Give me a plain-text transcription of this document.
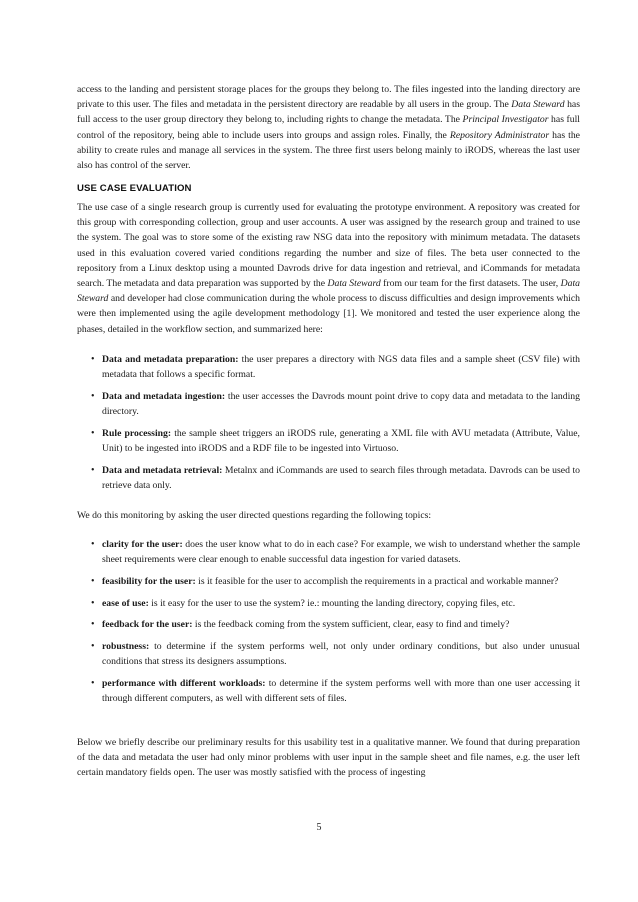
access to the landing and persistent storage places for the groups they belong to. The files ingested into the landing directory are private to this user. The files and metadata in the persistent directory are readable by all users in the group. The Data Steward has full access to the user group directory they belong to, including rights to change the metadata. The Principal Investigator has full control of the repository, being able to include users into groups and assign roles. Finally, the Repository Administrator has the ability to create rules and manage all services in the system. The three first users belong mainly to iRODS, whereas the last user also has control of the server.

USE CASE EVALUATION

The use case of a single research group is currently used for evaluating the prototype environment. A repository was created for this group with corresponding collection, group and user accounts. A user was assigned by the research group and trained to use the system. The goal was to store some of the existing raw NSG data into the repository with minimum metadata. The datasets used in this evaluation covered varied conditions regarding the number and size of files. The beta user connected to the repository from a Linux desktop using a mounted Davrods drive for data ingestion and retrieval, and iCommands for metadata search. The metadata and data preparation was supported by the Data Steward from our team for the first datasets. The user, Data Steward and developer had close communication during the whole process to discuss difficulties and design improvements which were then implemented using the agile development methodology [1]. We monitored and tested the user experience along the phases, detailed in the workflow section, and summarized here:

• Data and metadata preparation: the user prepares a directory with NGS data files and a sample sheet (CSV file) with metadata that follows a specific format.
• Data and metadata ingestion: the user accesses the Davrods mount point drive to copy data and metadata to the landing directory.
• Rule processing: the sample sheet triggers an iRODS rule, generating a XML file with AVU metadata (Attribute, Value, Unit) to be ingested into iRODS and a RDF file to be ingested into Virtuoso.
• Data and metadata retrieval: Metalnx and iCommands are used to search files through metadata. Davrods can be used to retrieve data only.

We do this monitoring by asking the user directed questions regarding the following topics:

• clarity for the user: does the user know what to do in each case? For example, we wish to understand whether the sample sheet requirements were clear enough to enable successful data ingestion for varied datasets.
• feasibility for the user: is it feasible for the user to accomplish the requirements in a practical and workable manner?
• ease of use: is it easy for the user to use the system? ie.: mounting the landing directory, copying files, etc.
• feedback for the user: is the feedback coming from the system sufficient, clear, easy to find and timely?
• robustness: to determine if the system performs well, not only under ordinary conditions, but also under unusual conditions that stress its designers assumptions.
• performance with different workloads: to determine if the system performs well with more than one user accessing it through different computers, as well with different sets of files.

Below we briefly describe our preliminary results for this usability test in a qualitative manner. We found that during preparation of the data and metadata the user had only minor problems with user input in the sample sheet and file names, e.g. the user left certain mandatory fields open. The user was mostly satisfied with the process of ingesting

5
